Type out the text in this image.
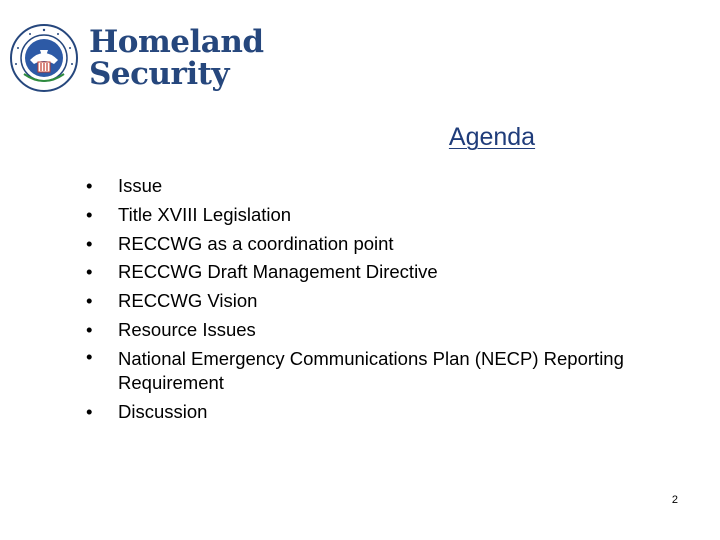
Homeland
Security
Agenda
• Issue
• Title XVIII Legislation
• RECCWG as a coordination point
• RECCWG Draft Management Directive
• RECCWG Vision
• Resource Issues
• National Emergency Communications Plan (NECP) Reporting Requirement
• Discussion
2
